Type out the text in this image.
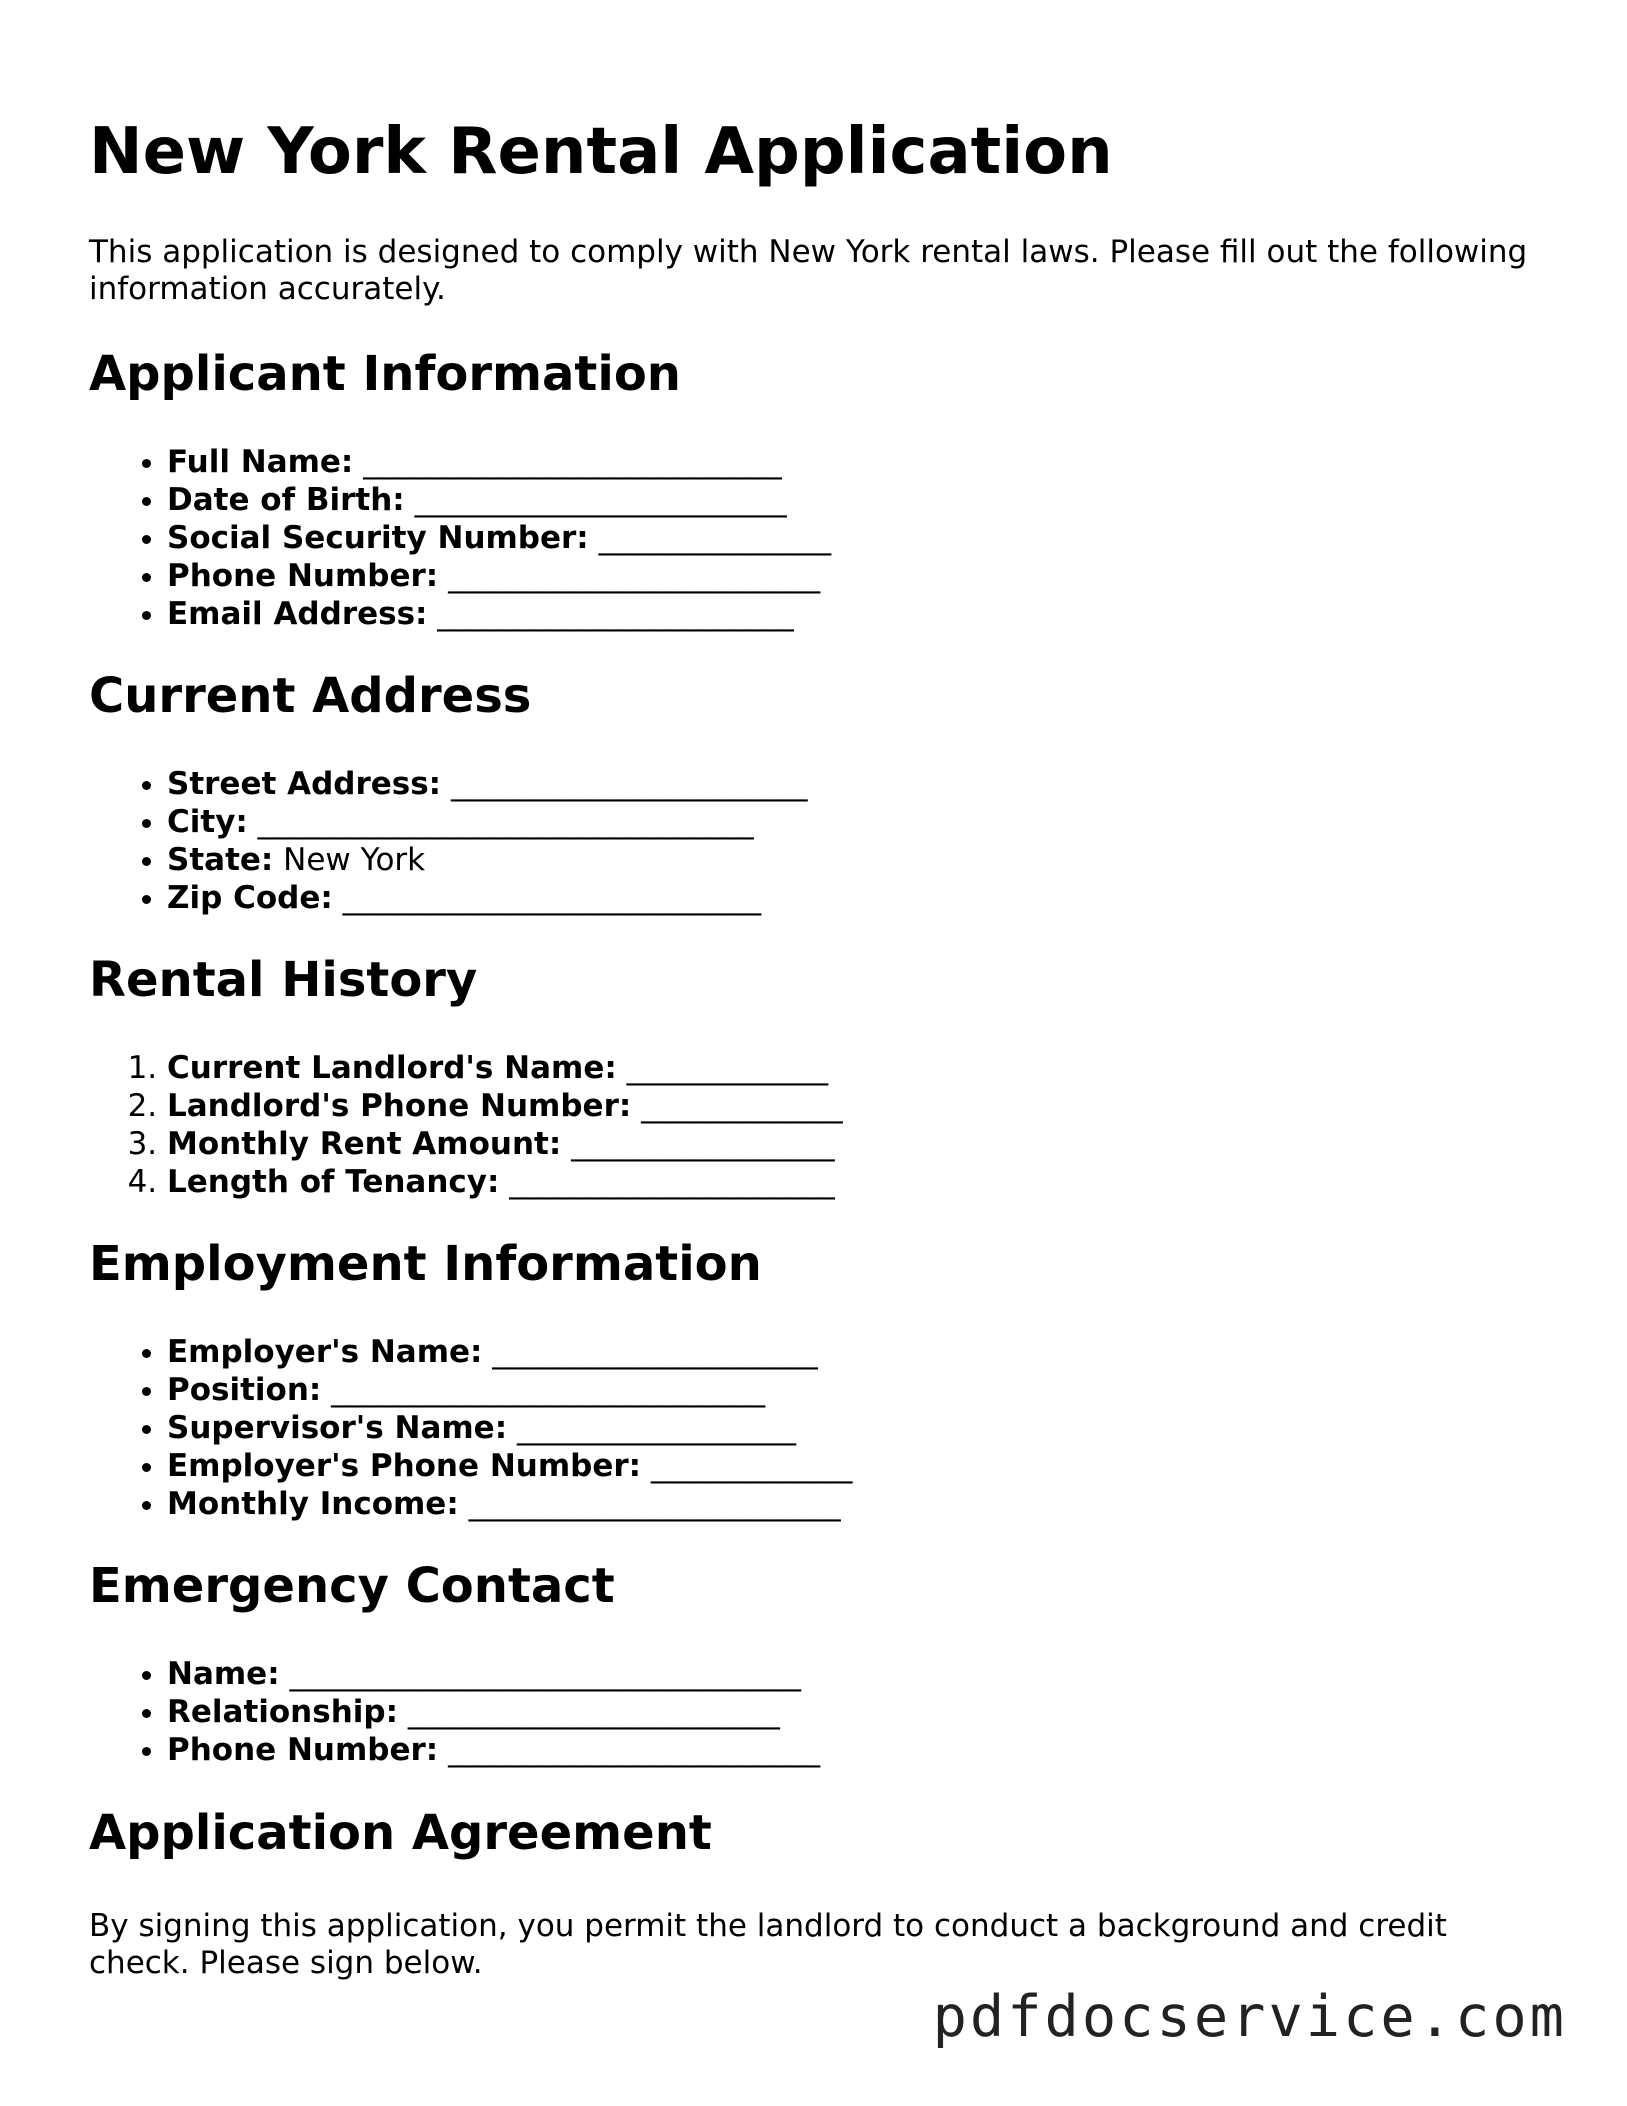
New York Rental Application

This application is designed to comply with New York rental laws. Please fill out the following information accurately.

Applicant Information
• Full Name: ___________________________
• Date of Birth: ________________________
• Social Security Number: _______________
• Phone Number: ________________________
• Email Address: _______________________
Current Address
• Street Address: _______________________
• City: ________________________________
• State: New York
• Zip Code: ___________________________
Rental History
1. Current Landlord's Name: _____________
2. Landlord's Phone Number: _____________
3. Monthly Rent Amount: _________________
4. Length of Tenancy: _____________________
Employment Information
• Employer's Name: _____________________
• Position: ____________________________
• Supervisor's Name: __________________
• Employer's Phone Number: _____________
• Monthly Income: ________________________
Emergency Contact
• Name: _________________________________
• Relationship: ________________________
• Phone Number: ________________________
Application Agreement

By signing this application, you permit the landlord to conduct a background and credit check. Please sign below.

pdfdocservice.com
